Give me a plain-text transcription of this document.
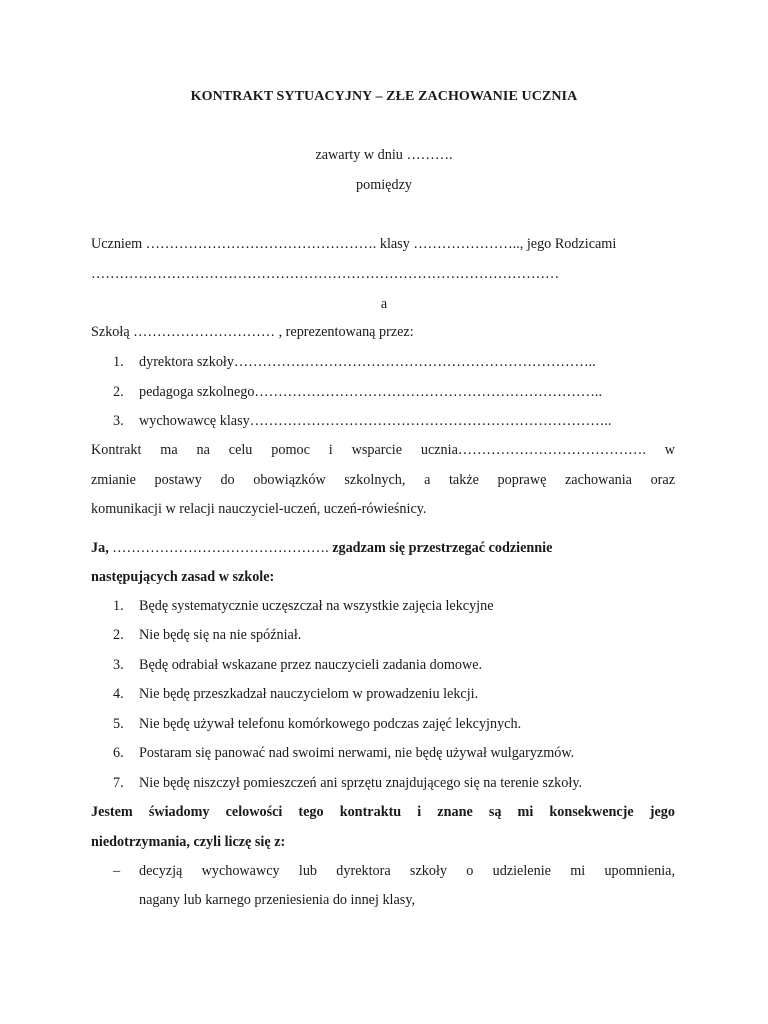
KONTRAKT SYTUACYJNY – ZŁE ZACHOWANIE UCZNIA
zawarty w dniu ……….
pomiędzy
Uczniem …………………………………………. klasy ………………….., jego Rodzicami
………………………………………………………………………………………
a
Szkołą ………………………… , reprezentowaną przez:
1. dyrektora szkoły…………………………………………………………………..
2. pedagoga szkolnego………………………………………………………………..
3. wychowawcę klasy…………………………………………………………………..
Kontrakt ma na celu pomoc i wsparcie ucznia…………………………………. w
zmianie postawy do obowiązków szkolnych, a także poprawę zachowania oraz
komunikacji w relacji nauczyciel-uczeń, uczeń-rówieśnicy.
Ja, ………………………………………. zgadzam się przestrzegać codziennie
następujących zasad w szkole:
1. Będę systematycznie uczęszczał na wszystkie zajęcia lekcyjne
2. Nie będę się na nie spóźniał.
3. Będę odrabiał wskazane przez nauczycieli zadania domowe.
4. Nie będę przeszkadzał nauczycielom w prowadzeniu lekcji.
5. Nie będę używał telefonu komórkowego podczas zajęć lekcyjnych.
6. Postaram się panować nad swoimi nerwami, nie będę używał wulgaryzmów.
7. Nie będę niszczył pomieszczeń ani sprzętu znajdującego się na terenie szkoły.
Jestem świadomy celowości tego kontraktu i znane są mi konsekwencje jego
niedotrzymania, czyli liczę się z:
– decyzją wychowawcy lub dyrektora szkoły o udzielenie mi upomnienia,
nagany lub karnego przeniesienia do innej klasy,
